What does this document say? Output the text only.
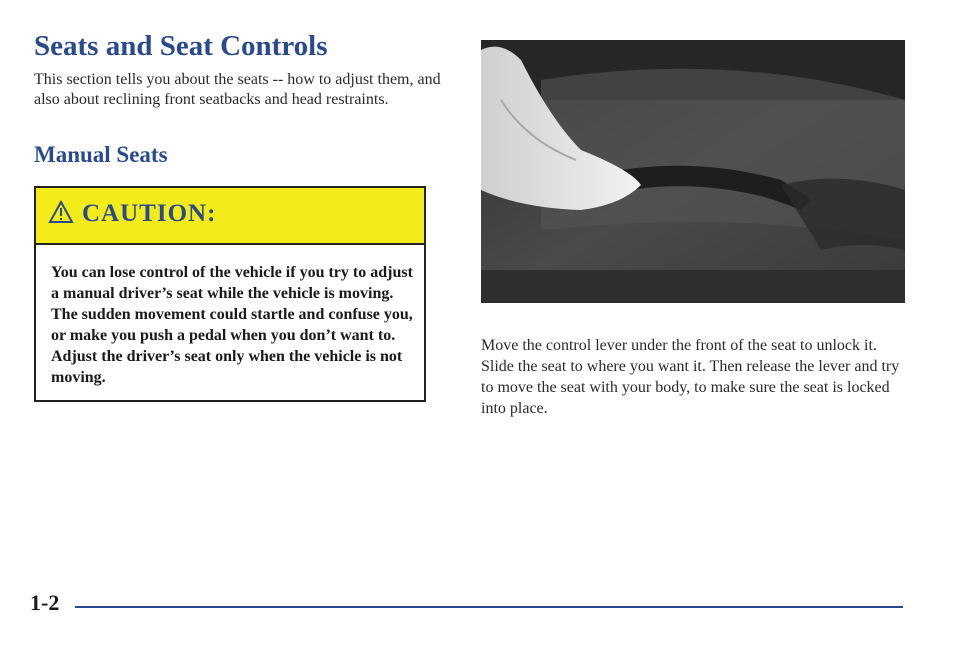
Seats and Seat Controls

This section tells you about the seats -- how to adjust them, and also about reclining front seatbacks and head restraints.

Manual Seats
CAUTION:

You can lose control of the vehicle if you try to adjust a manual driver’s seat while the vehicle is moving. The sudden movement could startle and confuse you, or make you push a pedal when you don’t want to. Adjust the driver’s seat only when the vehicle is not moving.

Move the control lever under the front of the seat to unlock it. Slide the seat to where you want it. Then release the lever and try to move the seat with your body, to make sure the seat is locked into place.

1-2
